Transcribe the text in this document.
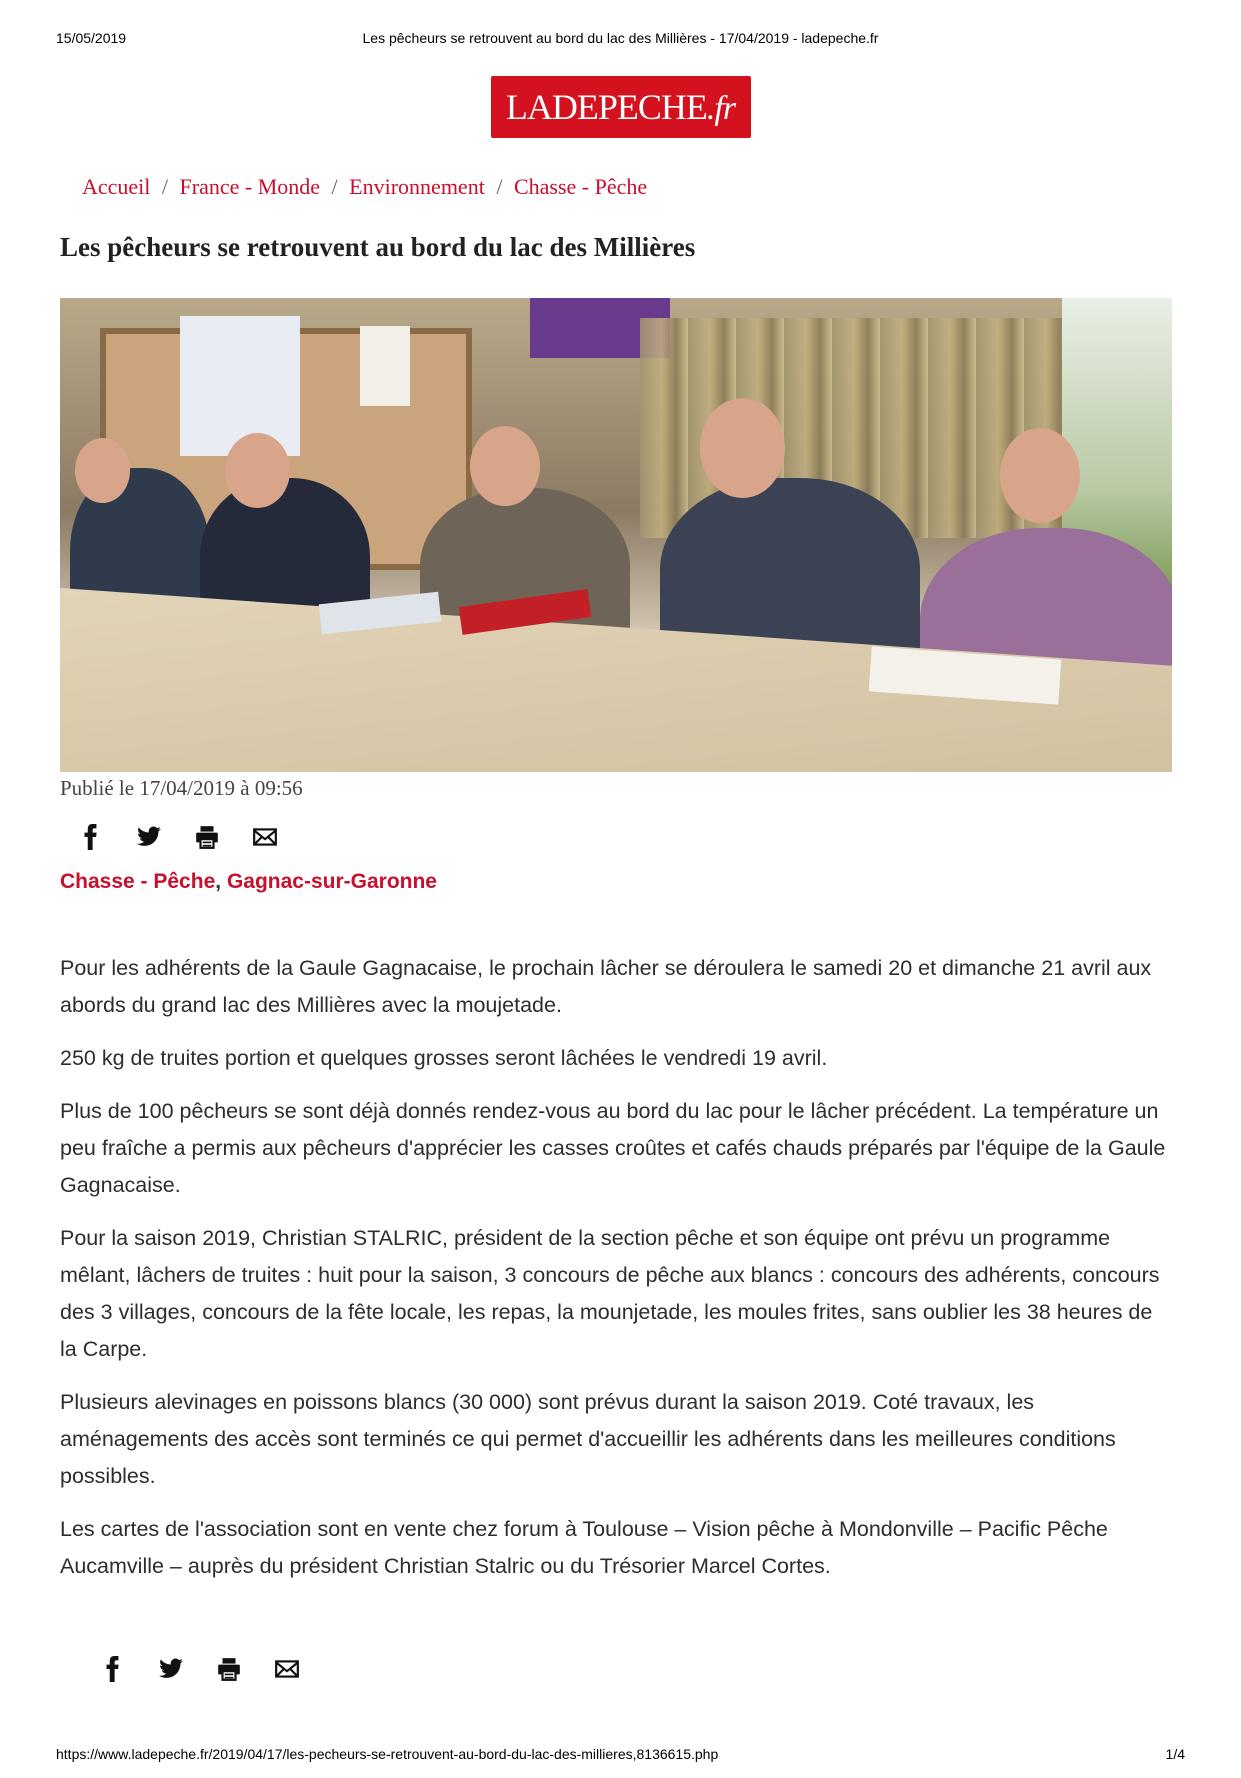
15/05/2019	Les pêcheurs se retrouvent au bord du lac des Millières - 17/04/2019 - ladepeche.fr
LADEPECHE.fr
Accueil / France - Monde / Environnement / Chasse - Pêche
Les pêcheurs se retrouvent au bord du lac des Millières
Publié le 17/04/2019 à 09:56
Chasse - Pêche, Gagnac-sur-Garonne

Pour les adhérents de la Gaule Gagnacaise, le prochain lâcher se déroulera le samedi 20 et dimanche 21 avril aux abords du grand lac des Millières avec la moujetade.

250 kg de truites portion et quelques grosses seront lâchées le vendredi 19 avril.

Plus de 100 pêcheurs se sont déjà donnés rendez-vous au bord du lac pour le lâcher précédent. La température un peu fraîche a permis aux pêcheurs d'apprécier les casses croûtes et cafés chauds préparés par l'équipe de la Gaule Gagnacaise.

Pour la saison 2019, Christian STALRIC, président de la section pêche et son équipe ont prévu un programme mêlant, lâchers de truites : huit pour la saison, 3 concours de pêche aux blancs : concours des adhérents, concours des 3 villages, concours de la fête locale, les repas, la mounjetade, les moules frites, sans oublier les 38 heures de la Carpe.

Plusieurs alevinages en poissons blancs (30 000) sont prévus durant la saison 2019. Coté travaux, les aménagements des accès sont terminés ce qui permet d'accueillir les adhérents dans les meilleures conditions possibles.

Les cartes de l'association sont en vente chez forum à Toulouse – Vision pêche à Mondonville – Pacific Pêche Aucamville – auprès du président Christian Stalric ou du Trésorier Marcel Cortes.

https://www.ladepeche.fr/2019/04/17/les-pecheurs-se-retrouvent-au-bord-du-lac-des-millieres,8136615.php	1/4
